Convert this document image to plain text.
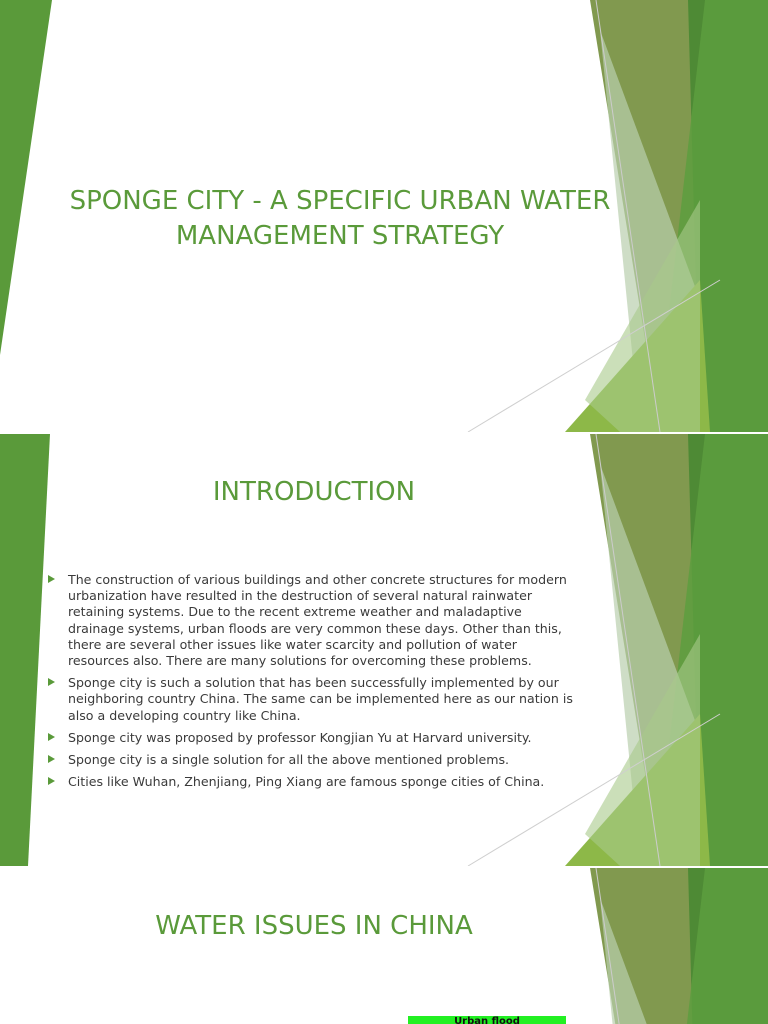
SPONGE CITY - A SPECIFIC URBAN WATER MANAGEMENT STRATEGY
INTRODUCTION
The construction of various buildings and other concrete structures for modern urbanization have resulted in the destruction of several natural rainwater retaining systems. Due to the recent extreme weather and maladaptive drainage systems, urban floods are very common these days. Other than this, there are several other issues like water scarcity and pollution of water resources also. There are many solutions for overcoming these problems.
Sponge city is such a solution that has been successfully implemented by our neighboring country China. The same can be implemented here as our nation is also a developing country like China.
Sponge city was proposed by professor Kongjian Yu at Harvard university.
Sponge city is a single solution for all the above mentioned problems.
Cities like Wuhan, Zhenjiang, Ping Xiang are famous sponge cities of China.
WATER ISSUES IN CHINA
Urban flood
